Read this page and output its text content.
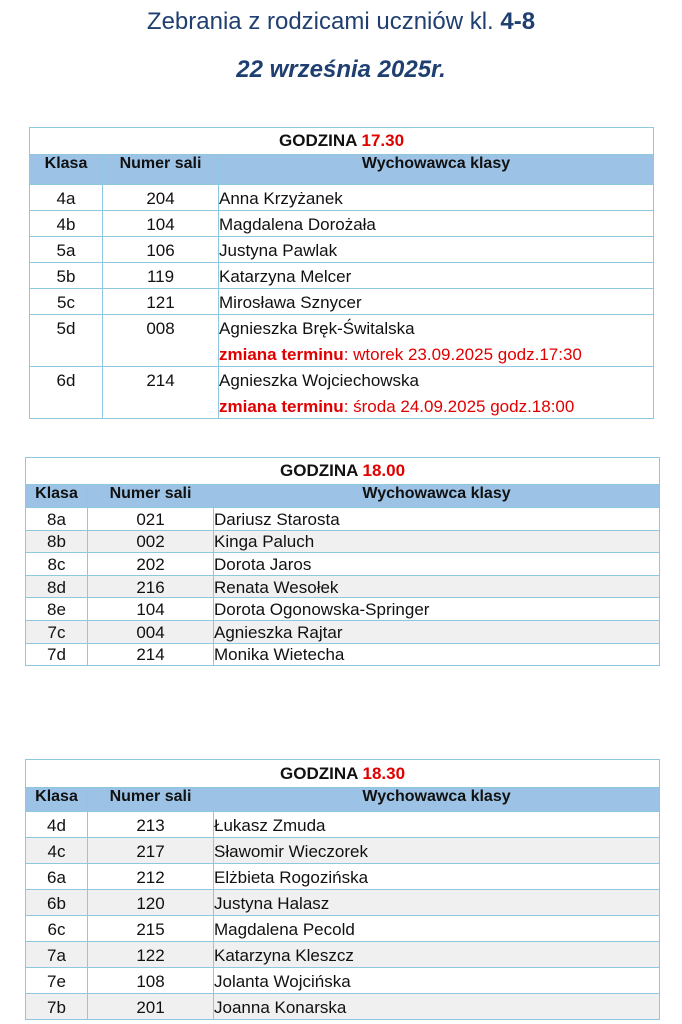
Zebrania z rodzicami uczniów kl. 4-8
22 września 2025r.
GODZINA 17.30		
Klasa	Numer sali	Wychowawca klasy
4a	204	Anna Krzyżanek

4b	104	Magdalena Dorożała

5a	106	Justyna Pawlak

5b	119	Katarzyna Melcer

5c	121	Mirosława Sznycer

5d	008	Agnieszka Bręk-Świtalska
zmiana terminu: wtorek 23.09.2025 godz.17:30

6d	214	Agnieszka Wojciechowska
zmiana terminu: środa 24.09.2025 godz.18:00
GODZINA 18.00		
Klasa	Numer sali	Wychowawca klasy
8a	021	Dariusz Starosta

8b	002	Kinga Paluch

8c	202	Dorota Jaros

8d	216	Renata Wesołek

8e	104	Dorota Ogonowska-Springer

7c	004	Agnieszka Rajtar

7d	214	Monika Wietecha
GODZINA 18.30		
Klasa	Numer sali	Wychowawca klasy
4d	213	Łukasz Zmuda

4c	217	Sławomir Wieczorek

6a	212	Elżbieta Rogozińska

6b	120	Justyna Halasz

6c	215	Magdalena Pecold

7a	122	Katarzyna Kleszcz

7e	108	Jolanta Wojcińska

7b	201	Joanna Konarska
